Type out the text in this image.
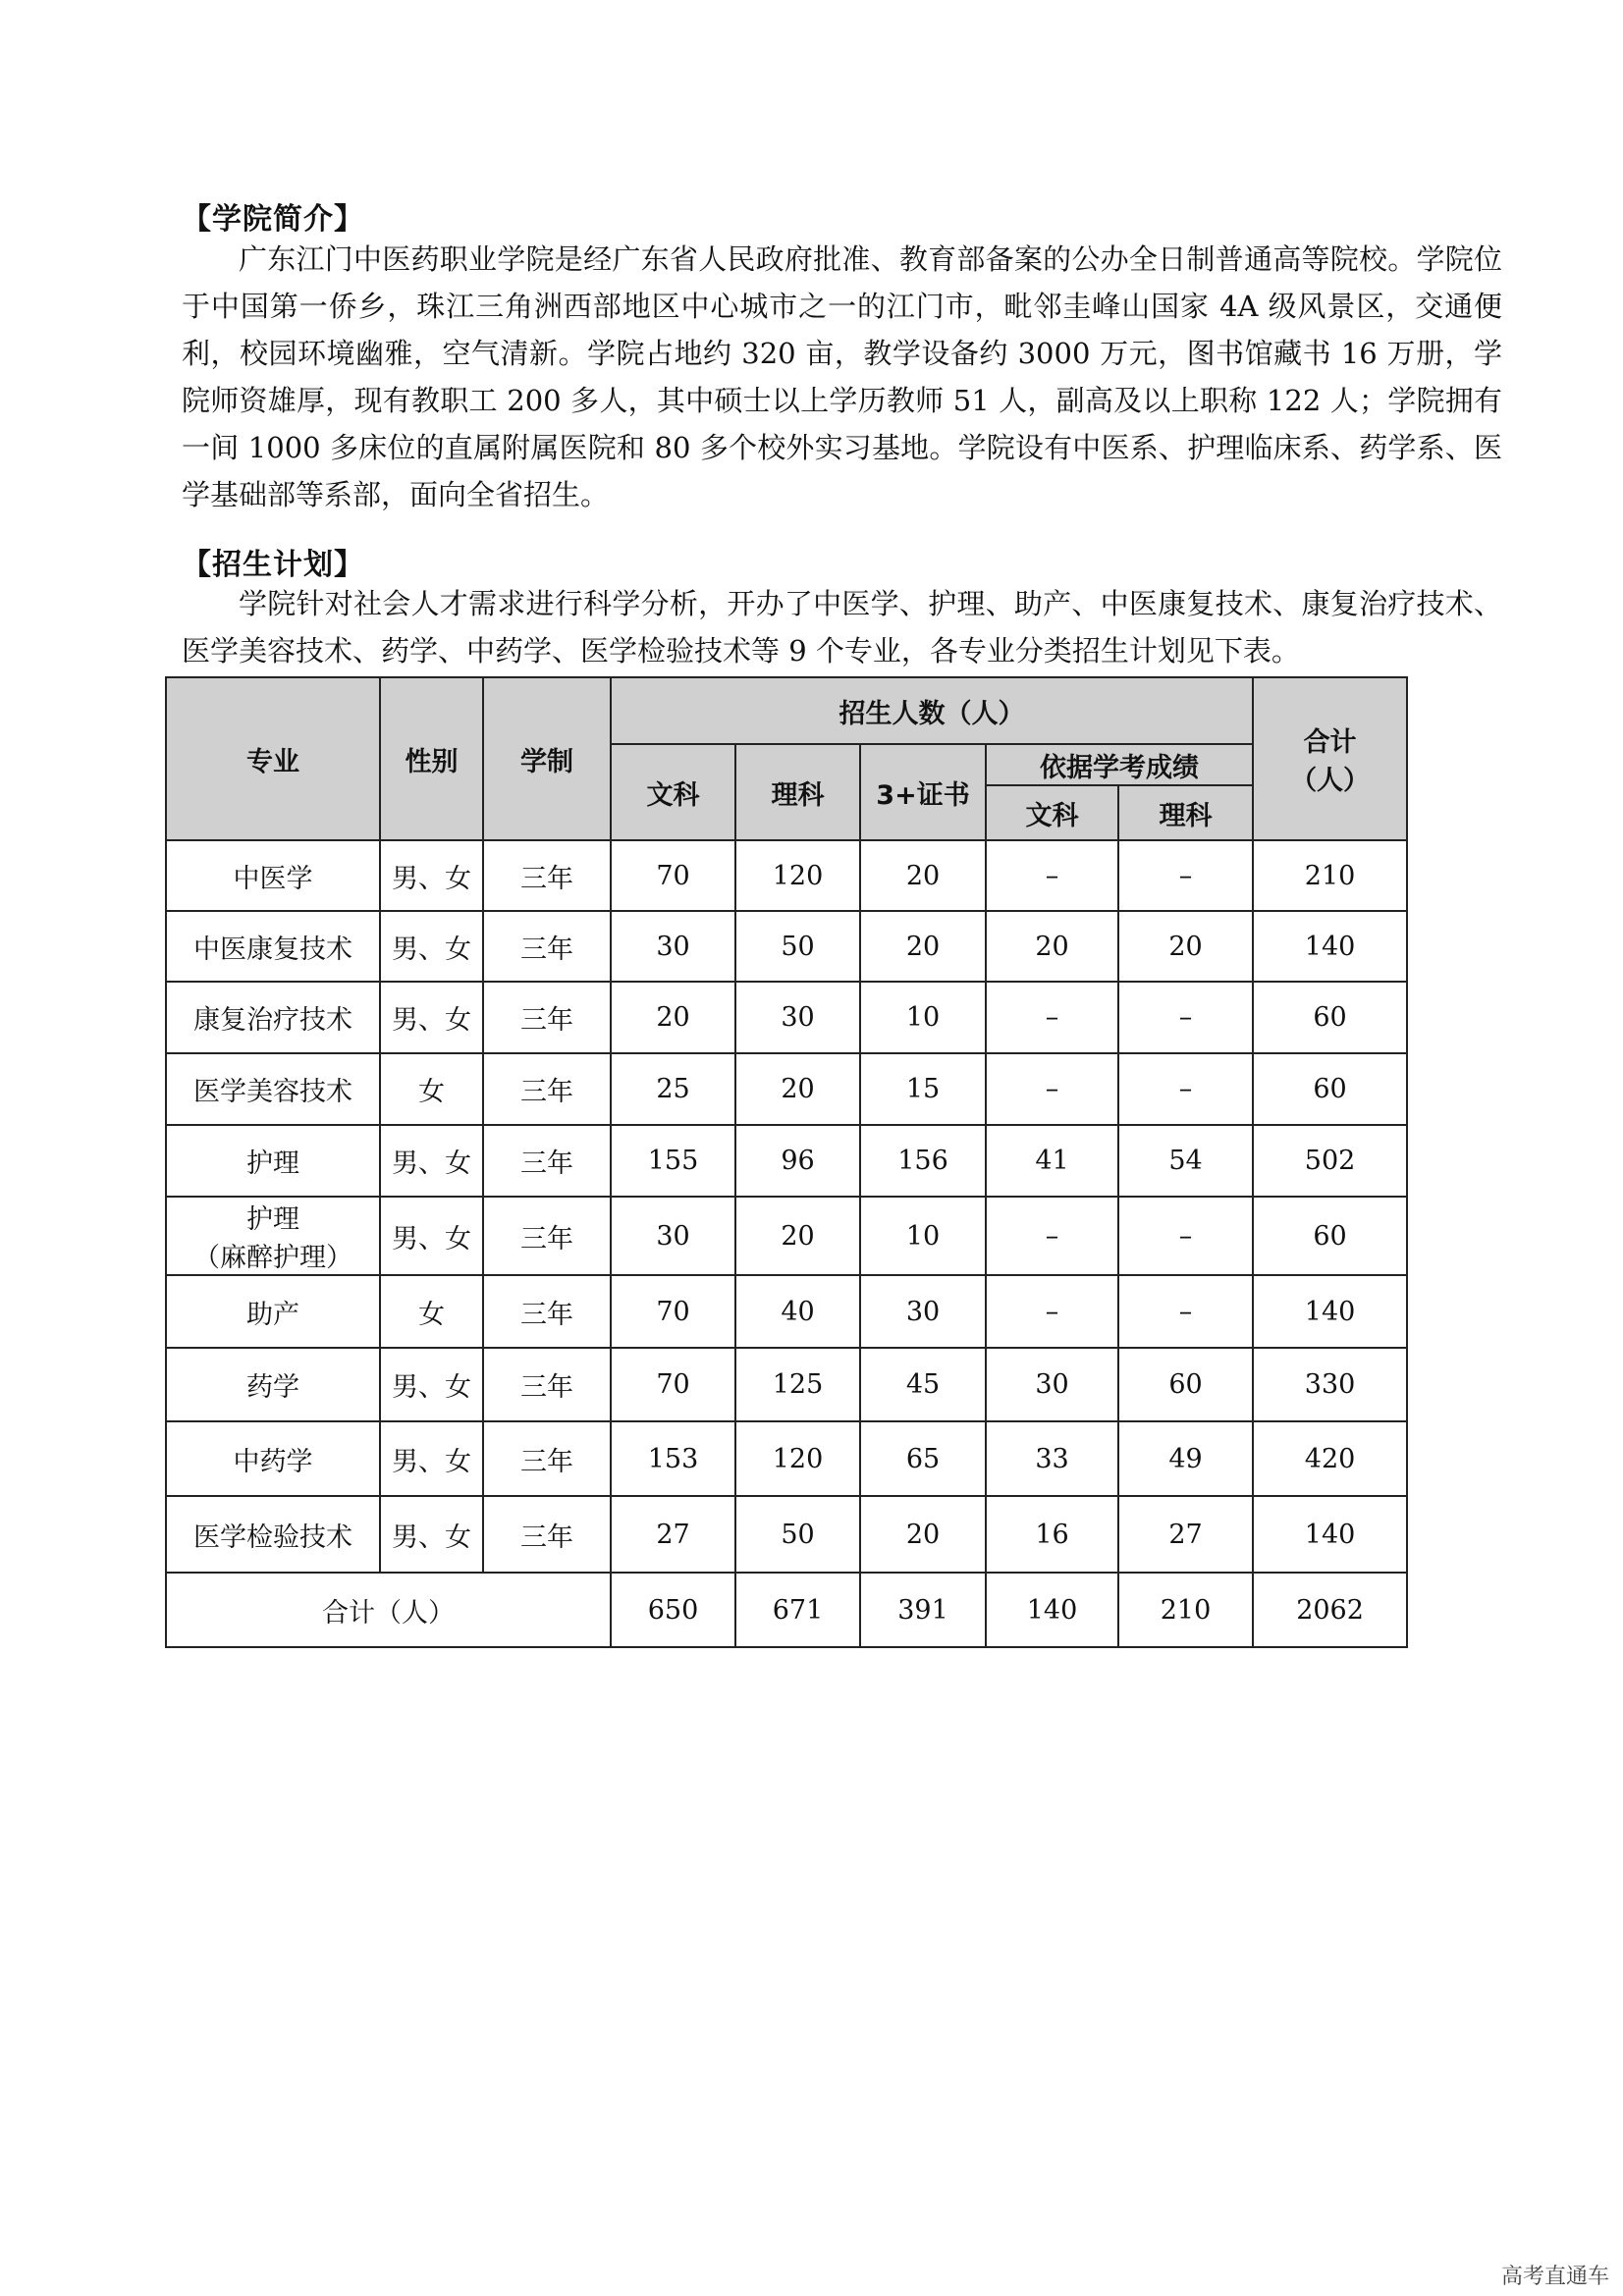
【学院简介】

广东江门中医药职业学院是经广东省人民政府批准、教育部备案的公办全日制普通高等院校。学院位于中国第一侨乡，珠江三角洲西部地区中心城市之一的江门市，毗邻圭峰山国家 4A 级风景区，交通便利，校园环境幽雅，空气清新。学院占地约 320 亩，教学设备约 3000 万元，图书馆藏书 16 万册，学院师资雄厚，现有教职工 200 多人，其中硕士以上学历教师 51 人，副高及以上职称 122 人；学院拥有一间 1000 多床位的直属附属医院和 80 多个校外实习基地。学院设有中医系、护理临床系、药学系、医学基础部等系部，面向全省招生。

【招生计划】

学院针对社会人才需求进行科学分析，开办了中医学、护理、助产、中医康复技术、康复治疗技术、医学美容技术、药学、中药学、医学检验技术等 9 个专业，各专业分类招生计划见下表。

专业	性别	学制	招生人数（人）					合计
（人）

			文科	理科	3+证书	依据学考成绩		
						文科	理科	

中医学	男、女	三年	70	120	20	–	–	210

中医康复技术	男、女	三年	30	50	20	20	20	140

康复治疗技术	男、女	三年	20	30	10	–	–	60

医学美容技术	女	三年	25	20	15	–	–	60

护理	男、女	三年	155	96	156	41	54	502

护理
（麻醉护理）	男、女	三年	30	20	10	–	–	60

助产	女	三年	70	40	30	–	–	140

药学	男、女	三年	70	125	45	30	60	330

中药学	男、女	三年	153	120	65	33	49	420

医学检验技术	男、女	三年	27	50	20	16	27	140
合计（人）			650	671	391	140	210	2062
高考直通车
